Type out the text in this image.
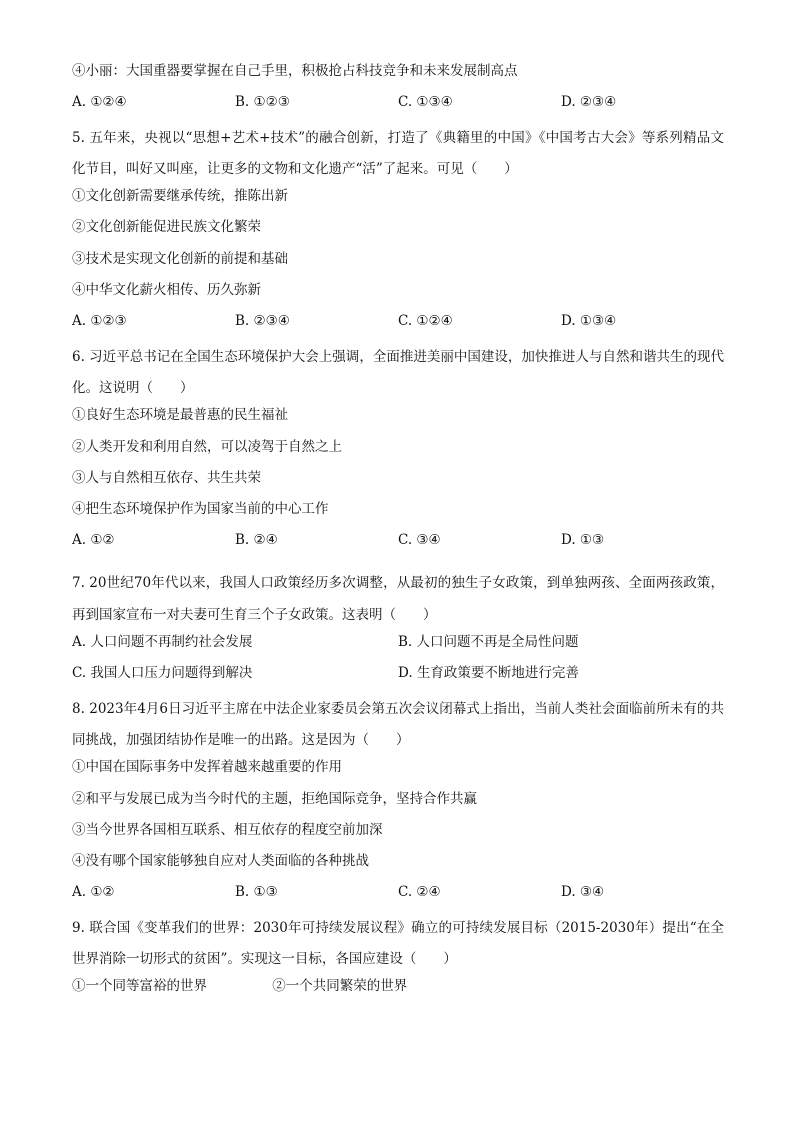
④小丽：大国重器要掌握在自己手里，积极抢占科技竞争和未来发展制高点
A. ①②④	B. ①②③	C. ①③④	D. ②③④
5. 五年来，央视以“思想+艺术+技术”的融合创新，打造了《典籍里的中国》《中国考古大会》等系列精品文化节目，叫好又叫座，让更多的文物和文化遗产“活”了起来。可见（　　）
①文化创新需要继承传统，推陈出新
②文化创新能促进民族文化繁荣
③技术是实现文化创新的前提和基础
④中华文化薪火相传、历久弥新
A. ①②③	B. ②③④	C. ①②④	D. ①③④
6. 习近平总书记在全国生态环境保护大会上强调，全面推进美丽中国建设，加快推进人与自然和谐共生的现代化。这说明（　　）
①良好生态环境是最普惠的民生福祉
②人类开发和利用自然，可以凌驾于自然之上
③人与自然相互依存、共生共荣
④把生态环境保护作为国家当前的中心工作
A. ①②	B. ②④	C. ③④	D. ①③
7. 20世纪70年代以来，我国人口政策经历多次调整，从最初的独生子女政策，到单独两孩、全面两孩政策，再到国家宣布一对夫妻可生育三个子女政策。这表明（　　）
A. 人口问题不再制约社会发展	B. 人口问题不再是全局性问题
C. 我国人口压力问题得到解决	D. 生育政策要不断地进行完善
8. 2023年4月6日习近平主席在中法企业家委员会第五次会议闭幕式上指出，当前人类社会面临前所未有的共同挑战，加强团结协作是唯一的出路。这是因为（　　）
①中国在国际事务中发挥着越来越重要的作用
②和平与发展已成为当今时代的主题，拒绝国际竞争，坚持合作共赢
③当今世界各国相互联系、相互依存的程度空前加深
④没有哪个国家能够独自应对人类面临的各种挑战
A. ①②	B. ①③	C. ②④	D. ③④
9. 联合国《变革我们的世界：2030年可持续发展议程》确立的可持续发展目标（2015-2030年）提出“在全世界消除一切形式的贫困”。实现这一目标，各国应建设（　　）
①一个同等富裕的世界	②一个共同繁荣的世界
